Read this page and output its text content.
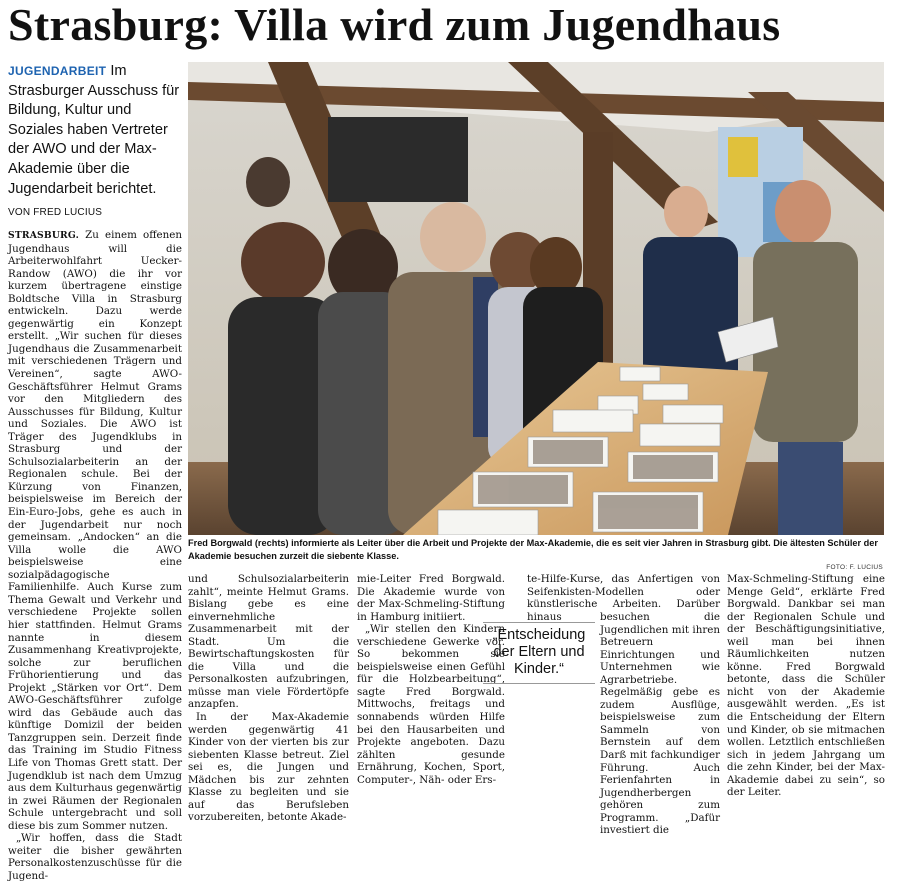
Strasburg: Villa wird zum Jugendhaus
JUGENDARBEIT Im Strasburger Ausschuss für Bildung, Kultur und Soziales haben Vertreter der AWO und der Max-Akademie über die Jugendarbeit berichtet.
VON FRED LUCIUS

STRASBURG. Zu einem offenen Jugendhaus will die Arbeiterwohlfahrt Uecker-Randow (AWO) die ihr vor kurzem übertragene einstige Boldtsche Villa in Strasburg entwickeln. Dazu werde gegenwärtig ein Konzept erstellt. „Wir suchen für dieses Jugendhaus die Zusammenarbeit mit verschiedenen Trägern und Vereinen“, sagte AWO-Geschäftsführer Helmut Grams vor den Mitgliedern des Ausschusses für Bildung, Kultur und Soziales. Die AWO ist Träger des Jugendklubs in Strasburg und der Schulsozialarbeiterin an der Regionalen schule. Bei der Kürzung von Finanzen, beispielsweise im Bereich der Ein-Euro-Jobs, gehe es auch in der Jugendarbeit nur noch gemeinsam. „Andocken“ an die Villa wolle die AWO beispielsweise eine sozialpädagogische Familienhilfe. Auch Kurse zum Thema Gewalt und Verkehr und verschiedene Projekte sollen hier stattfinden. Helmut Grams nannte in diesem Zusammenhang Kreativprojekte, solche zur beruflichen Frühorientierung und das Projekt „Stärken vor Ort“. Dem AWO-Geschäftsführer zufolge wird das Gebäude auch das künftige Domizil der beiden Tanzgruppen sein. Derzeit finde das Training im Studio Fitness Life von Thomas Grett statt. Der Jugendklub ist nach dem Umzug aus dem Kulturhaus gegenwärtig in zwei Räumen der Regionalen Schule untergebracht und soll diese bis zum Sommer nutzen.

„Wir hoffen, dass die Stadt weiter die bisher gewährten Personalkostenzuschüsse für die Jugend-

und Schulsozialarbeiterin zahlt“, meinte Helmut Grams. Bislang gebe es eine einvernehmliche Zusammenarbeit mit der Stadt. Um die Bewirtschaftungskosten für die Villa und die Personalkosten aufzubringen, müsse man viele Fördertöpfe anzapfen.

In der Max-Akademie werden gegenwärtig 41 Kinder von der vierten bis zur siebenten Klasse betreut. Ziel sei es, die Jungen und Mädchen bis zur zehnten Klasse zu begleiten und sie auf das Berufsleben vorzubereiten, betonte Akade-

mie-Leiter Fred Borgwald. Die Akademie wurde von der Max-Schmeling-Stiftung in Hamburg initiiert.

„Wir stellen den Kindern verschiedene Gewerke vor. So bekommen sie beispielsweise einen Gefühl für die Holzbearbeitung“, sagte Fred Borgwald. Mittwochs, freitags und sonnabends würden Hilfe bei den Hausarbeiten und Projekte angeboten. Dazu zählten gesunde Ernährung, Kochen, Sport, Computer-, Näh- oder Ers-

te-Hilfe-Kurse, das Anfertigen von Seifenkisten-Modellen oder künstlerische Arbeiten. Darüber hinaus	besuchen die Jugendlichen mit ihren Betreuern Einrichtungen und Unternehmen wie Agrarbetriebe. Regelmäßig gebe es zudem Ausflüge, beispielsweise zum Sammeln von Bernstein auf dem Darß mit fachkundiger Führung. Auch Ferienfahrten in Jugendherbergen gehören zum Programm. „Dafür investiert die

Max-Schmeling-Stiftung eine Menge Geld“, erklärte Fred Borgwald. Dankbar sei man der Regionalen Schule und der Beschäftigungsinitiative, weil man bei ihnen Räumlichkeiten nutzen könne. Fred Borgwald betonte, dass die Schüler nicht von der Akademie ausgewählt werden. „Es ist die Entscheidung der Eltern und Kinder, ob sie mitmachen wollen. Letztlich entschließen sich in jedem Jahrgang um die zehn Kinder, bei der Max-Akademie dabei zu sein“, so der Leiter.

„Entscheidung der Eltern und Kinder.“
Fred Borgwald (rechts) informierte als Leiter über die Arbeit und Projekte der Max-Akademie, die es seit vier Jahren in Strasburg gibt. Die ältesten Schüler der Akademie besuchen zurzeit die siebente Klasse.
FOTO: F. LUCIUS
